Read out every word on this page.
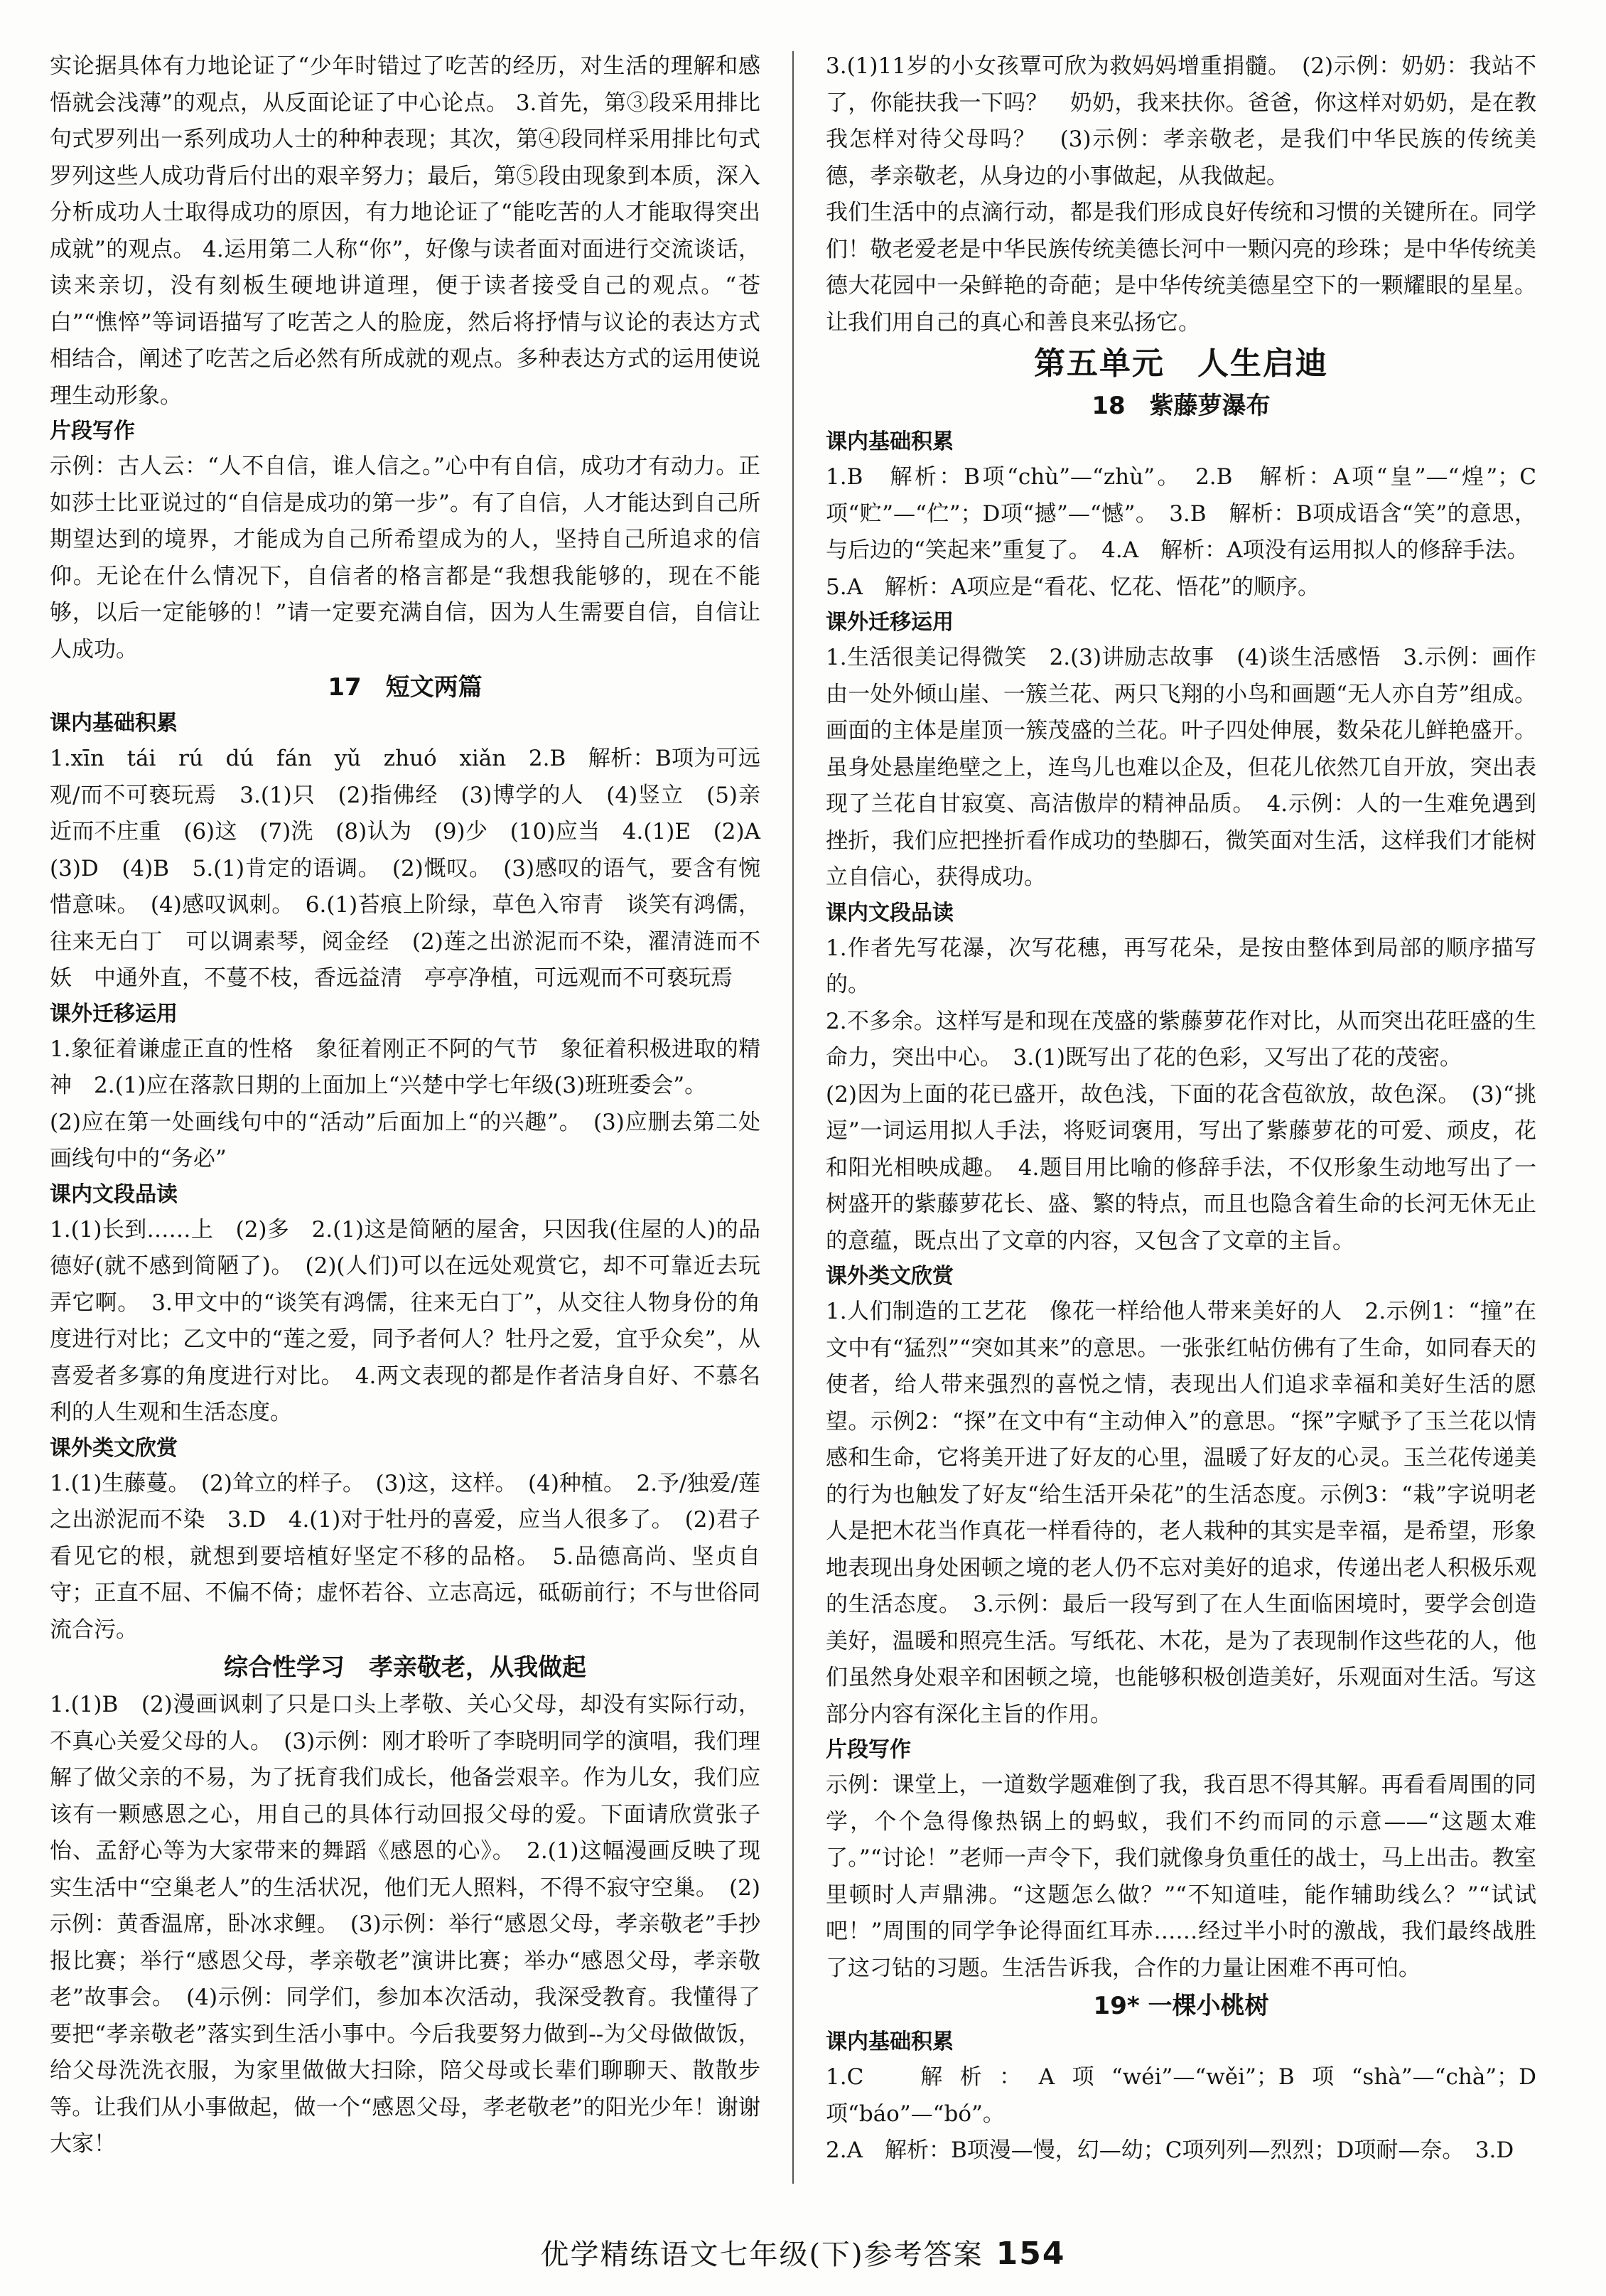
实论据具体有力地论证了“少年时错过了吃苦的经历，对生活的理解和感悟就会浅薄”的观点，从反面论证了中心论点。 3.首先，第③段采用排比句式罗列出一系列成功人士的种种表现；其次，第④段同样采用排比句式罗列这些人成功背后付出的艰辛努力；最后，第⑤段由现象到本质，深入分析成功人士取得成功的原因，有力地论证了“能吃苦的人才能取得突出成就”的观点。 4.运用第二人称“你”，好像与读者面对面进行交流谈话，读来亲切，没有刻板生硬地讲道理，便于读者接受自己的观点。“苍白”“憔悴”等词语描写了吃苦之人的脸庞，然后将抒情与议论的表达方式相结合，阐述了吃苦之后必然有所成就的观点。多种表达方式的运用使说理生动形象。

片段写作

示例：古人云：“人不自信，谁人信之。”心中有自信，成功才有动力。正如莎士比亚说过的“自信是成功的第一步”。有了自信，人才能达到自己所期望达到的境界，才能成为自己所希望成为的人，坚持自己所追求的信仰。无论在什么情况下，自信者的格言都是“我想我能够的，现在不能够，以后一定能够的！”请一定要充满自信，因为人生需要自信，自信让人成功。

17　短文两篇

课内基础积累

1.xīn　tái　rú　dú　fán　yǔ　zhuó　xiǎn　2.B　解析：B项为可远观/而不可亵玩焉　3.(1)只　(2)指佛经　(3)博学的人　(4)竖立　(5)亲近而不庄重　(6)这　(7)洗　(8)认为　(9)少　(10)应当　4.(1)E　(2)A　(3)D　(4)B　5.(1)肯定的语调。　(2)慨叹。　(3)感叹的语气，要含有惋惜意味。　(4)感叹讽刺。　6.(1)苔痕上阶绿，草色入帘青　谈笑有鸿儒，往来无白丁　可以调素琴，阅金经　(2)莲之出淤泥而不染，濯清涟而不妖　中通外直，不蔓不枝，香远益清　亭亭净植，可远观而不可亵玩焉

课外迁移运用

1.象征着谦虚正直的性格　象征着刚正不阿的气节　象征着积极进取的精神　2.(1)应在落款日期的上面加上“兴楚中学七年级(3)班班委会”。

(2)应在第一处画线句中的“活动”后面加上“的兴趣”。　(3)应删去第二处画线句中的“务必”

课内文段品读

1.(1)长到……上　(2)多　2.(1)这是简陋的屋舍，只因我(住屋的人)的品德好(就不感到简陋了)。　(2)(人们)可以在远处观赏它，却不可靠近去玩弄它啊。　3.甲文中的“谈笑有鸿儒，往来无白丁”，从交往人物身份的角度进行对比；乙文中的“莲之爱，同予者何人？牡丹之爱，宜乎众矣”，从喜爱者多寡的角度进行对比。　4.两文表现的都是作者洁身自好、不慕名利的人生观和生活态度。

课外类文欣赏

1.(1)生藤蔓。　(2)耸立的样子。　(3)这，这样。　(4)种植。　2.予/独爱/莲之出淤泥而不染　3.D　4.(1)对于牡丹的喜爱，应当人很多了。　(2)君子看见它的根，就想到要培植好坚定不移的品格。　5.品德高尚、坚贞自守；正直不屈、不偏不倚；虚怀若谷、立志高远，砥砺前行；不与世俗同流合污。

综合性学习　孝亲敬老，从我做起

1.(1)B　(2)漫画讽刺了只是口头上孝敬、关心父母，却没有实际行动，不真心关爱父母的人。　(3)示例：刚才聆听了李晓明同学的演唱，我们理解了做父亲的不易，为了抚育我们成长，他备尝艰辛。作为儿女，我们应该有一颗感恩之心，用自己的具体行动回报父母的爱。下面请欣赏张子怡、孟舒心等为大家带来的舞蹈《感恩的心》。　2.(1)这幅漫画反映了现实生活中“空巢老人”的生活状况，他们无人照料，不得不寂守空巢。　(2)示例：黄香温席，卧冰求鲤。　(3)示例：举行“感恩父母，孝亲敬老”手抄报比赛；举行“感恩父母，孝亲敬老”演讲比赛；举办“感恩父母，孝亲敬老”故事会。　(4)示例：同学们，参加本次活动，我深受教育。我懂得了要把“孝亲敬老”落实到生活小事中。今后我要努力做到--为父母做做饭，给父母洗洗衣服，为家里做做大扫除，陪父母或长辈们聊聊天、散散步等。让我们从小事做起，做一个“感恩父母，孝老敬老”的阳光少年！谢谢大家！

3.(1)11岁的小女孩覃可欣为救妈妈增重捐髓。　(2)示例：奶奶：我站不了，你能扶我一下吗？　奶奶，我来扶你。爸爸，你这样对奶奶，是在教我怎样对待父母吗？　(3)示例：孝亲敬老，是我们中华民族的传统美德，孝亲敬老，从身边的小事做起，从我做起。

我们生活中的点滴行动，都是我们形成良好传统和习惯的关键所在。同学们！敬老爱老是中华民族传统美德长河中一颗闪亮的珍珠；是中华传统美德大花园中一朵鲜艳的奇葩；是中华传统美德星空下的一颗耀眼的星星。让我们用自己的真心和善良来弘扬它。

第五单元　人生启迪

18　紫藤萝瀑布

课内基础积累

1.B　解析：B项“chù”—“zhù”。　2.B　解析：A项“皇”—“煌”；C项“贮”—“伫”；D项“撼”—“憾”。　3.B　解析：B项成语含“笑”的意思，与后边的“笑起来”重复了。　4.A　解析：A项没有运用拟人的修辞手法。

5.A　解析：A项应是“看花、忆花、悟花”的顺序。

课外迁移运用

1.生活很美记得微笑　2.(3)讲励志故事　(4)谈生活感悟　3.示例：画作由一处外倾山崖、一簇兰花、两只飞翔的小鸟和画题“无人亦自芳”组成。画面的主体是崖顶一簇茂盛的兰花。叶子四处伸展，数朵花儿鲜艳盛开。虽身处悬崖绝壁之上，连鸟儿也难以企及，但花儿依然兀自开放，突出表现了兰花自甘寂寞、高洁傲岸的精神品质。　4.示例：人的一生难免遇到挫折，我们应把挫折看作成功的垫脚石，微笑面对生活，这样我们才能树立自信心，获得成功。

课内文段品读

1.作者先写花瀑，次写花穗，再写花朵，是按由整体到局部的顺序描写的。

2.不多余。这样写是和现在茂盛的紫藤萝花作对比，从而突出花旺盛的生命力，突出中心。　3.(1)既写出了花的色彩，又写出了花的茂密。

(2)因为上面的花已盛开，故色浅，下面的花含苞欲放，故色深。　(3)“挑逗”一词运用拟人手法，将贬词褒用，写出了紫藤萝花的可爱、顽皮，花和阳光相映成趣。　4.题目用比喻的修辞手法，不仅形象生动地写出了一树盛开的紫藤萝花长、盛、繁的特点，而且也隐含着生命的长河无休无止的意蕴，既点出了文章的内容，又包含了文章的主旨。

课外类文欣赏

1.人们制造的工艺花　像花一样给他人带来美好的人　2.示例1：“撞”在文中有“猛烈”“突如其来”的意思。一张张红帖仿佛有了生命，如同春天的使者，给人带来强烈的喜悦之情，表现出人们追求幸福和美好生活的愿望。示例2：“探”在文中有“主动伸入”的意思。“探”字赋予了玉兰花以情感和生命，它将美开进了好友的心里，温暖了好友的心灵。玉兰花传递美的行为也触发了好友“给生活开朵花”的生活态度。示例3：“栽”字说明老人是把木花当作真花一样看待的，老人栽种的其实是幸福，是希望，形象地表现出身处困顿之境的老人仍不忘对美好的追求，传递出老人积极乐观的生活态度。　3.示例：最后一段写到了在人生面临困境时，要学会创造美好，温暖和照亮生活。写纸花、木花，是为了表现制作这些花的人，他们虽然身处艰辛和困顿之境，也能够积极创造美好，乐观面对生活。写这部分内容有深化主旨的作用。

片段写作

示例：课堂上，一道数学题难倒了我，我百思不得其解。再看看周围的同学，个个急得像热锅上的蚂蚁，我们不约而同的示意——“这题太难了。”“讨论！”老师一声令下，我们就像身负重任的战士，马上出击。教室里顿时人声鼎沸。“这题怎么做？”“不知道哇，能作辅助线么？”“试试吧！”周围的同学争论得面红耳赤……经过半小时的激战，我们最终战胜了这刁钻的习题。生活告诉我，合作的力量让困难不再可怕。

19* 一棵小桃树

课内基础积累

1.C　解析：A项“wéi”—“wěi”；B项“shà”—“chà”；D项“báo”—“bó”。

2.A　解析：B项漫—慢，幻—幼；C项列列—烈烈；D项耐—奈。　3.D

优学精练语文七年级(下)参考答案 154
